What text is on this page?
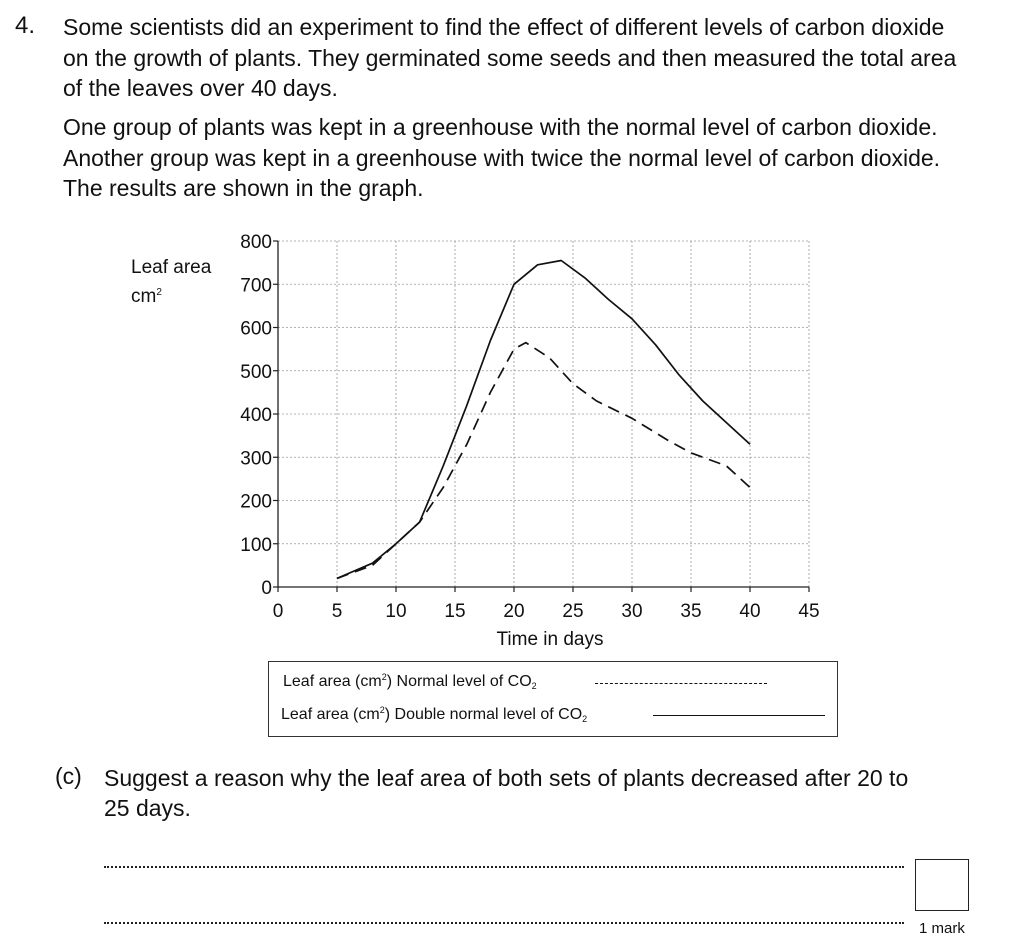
4. Some scientists did an experiment to find the effect of different levels of carbon dioxide on the growth of plants. They germinated some seeds and then measured the total area of the leaves over 40 days.

One group of plants was kept in a greenhouse with the normal level of carbon dioxide. Another group was kept in a greenhouse with twice the normal level of carbon dioxide. The results are shown in the graph.

Leaf area
$cm^2$
0
100
200
300
400
500
600
700
800
0	5 10 15 20 25 30 35 40 45
Time in days
Leaf area $(cm^2)$ Normal level of $CO_2$
Leaf area $(cm^2)$ Double normal level of $CO_2$
(c) Suggest a reason why the leaf area of both sets of plants decreased after 20 to 25 days.

1 mark
